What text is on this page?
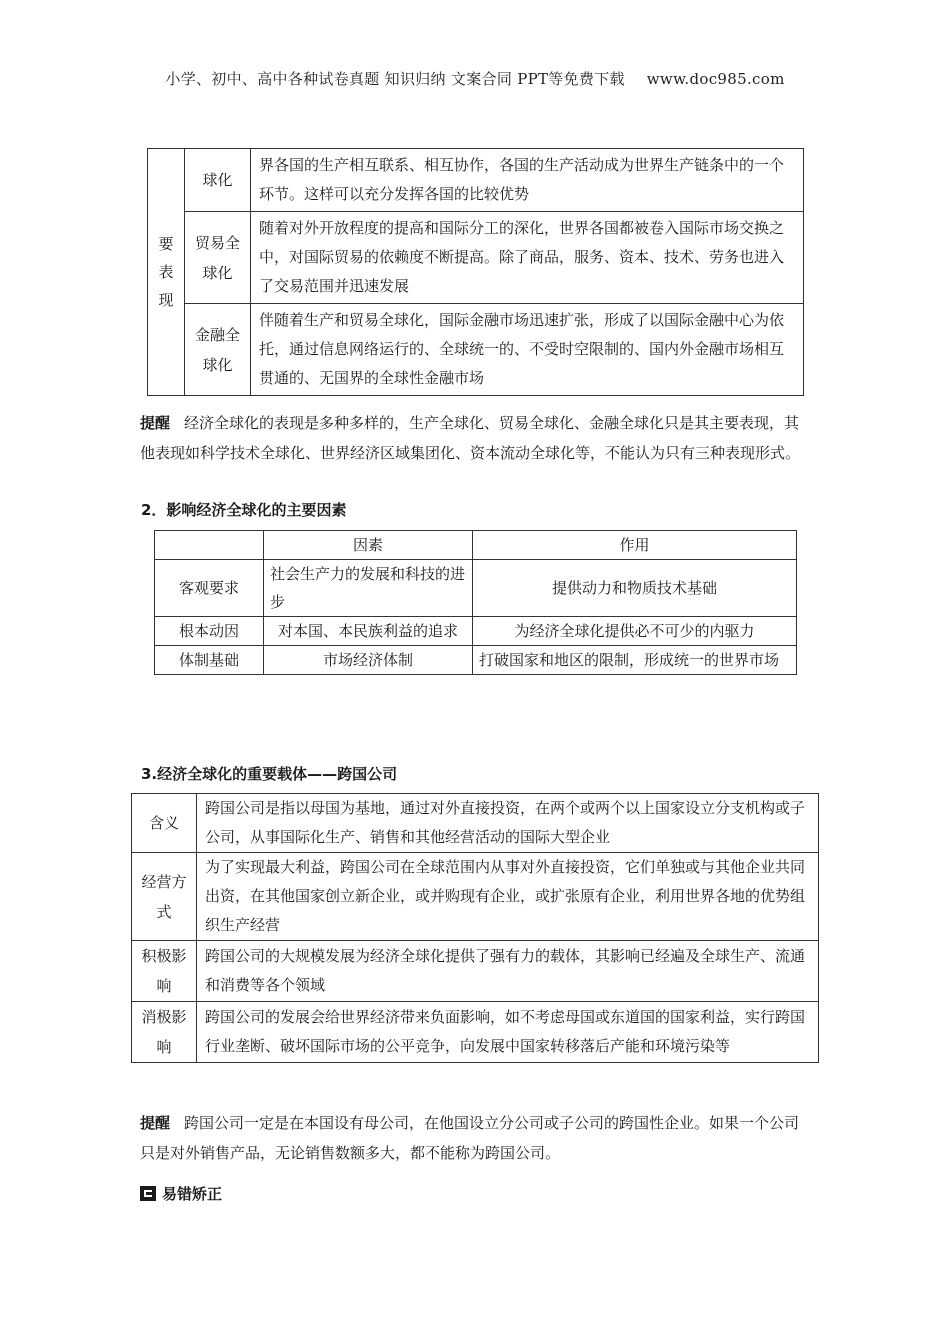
小学、初中、高中各种试卷真题 知识归纳 文案合同 PPT等免费下载 www.doc985.com
要
表
现	球化	界各国的生产相互联系、相互协作，各国的生产活动成为世界生产链条中的一个环节。这样可以充分发挥各国的比较优势
	贸易全球化	随着对外开放程度的提高和国际分工的深化，世界各国都被卷入国际市场交换之中，对国际贸易的依赖度不断提高。除了商品，服务、资本、技术、劳务也进入了交易范围并迅速发展
	金融全球化	伴随着生产和贸易全球化，国际金融市场迅速扩张，形成了以国际金融中心为依托，通过信息网络运行的、全球统一的、不受时空限制的、国内外金融市场相互贯通的、无国界的全球性金融市场
提醒 经济全球化的表现是多种多样的，生产全球化、贸易全球化、金融全球化只是其主要表现，其他表现如科学技术全球化、世界经济区域集团化、资本流动全球化等，不能认为只有三种表现形式。
2．影响经济全球化的主要因素
	因素	作用
客观要求	社会生产力的发展和科技的进步	提供动力和物质技术基础
根本动因	对本国、本民族利益的追求	为经济全球化提供必不可少的内驱力
体制基础	市场经济体制	打破国家和地区的限制，形成统一的世界市场
3.经济全球化的重要载体——跨国公司
含义	跨国公司是指以母国为基地，通过对外直接投资，在两个或两个以上国家设立分支机构或子公司，从事国际化生产、销售和其他经营活动的国际大型企业
经营方式	为了实现最大利益，跨国公司在全球范围内从事对外直接投资，它们单独或与其他企业共同出资，在其他国家创立新企业，或并购现有企业，或扩张原有企业，利用世界各地的优势组织生产经营
积极影响	跨国公司的大规模发展为经济全球化提供了强有力的载体，其影响已经遍及全球生产、流通和消费等各个领域
消极影响	跨国公司的发展会给世界经济带来负面影响，如不考虑母国或东道国的国家利益，实行跨国行业垄断、破坏国际市场的公平竞争，向发展中国家转移落后产能和环境污染等
提醒 跨国公司一定是在本国设有母公司，在他国设立分公司或子公司的跨国性企业。如果一个公司只是对外销售产品，无论销售数额多大，都不能称为跨国公司。
易错矫正
